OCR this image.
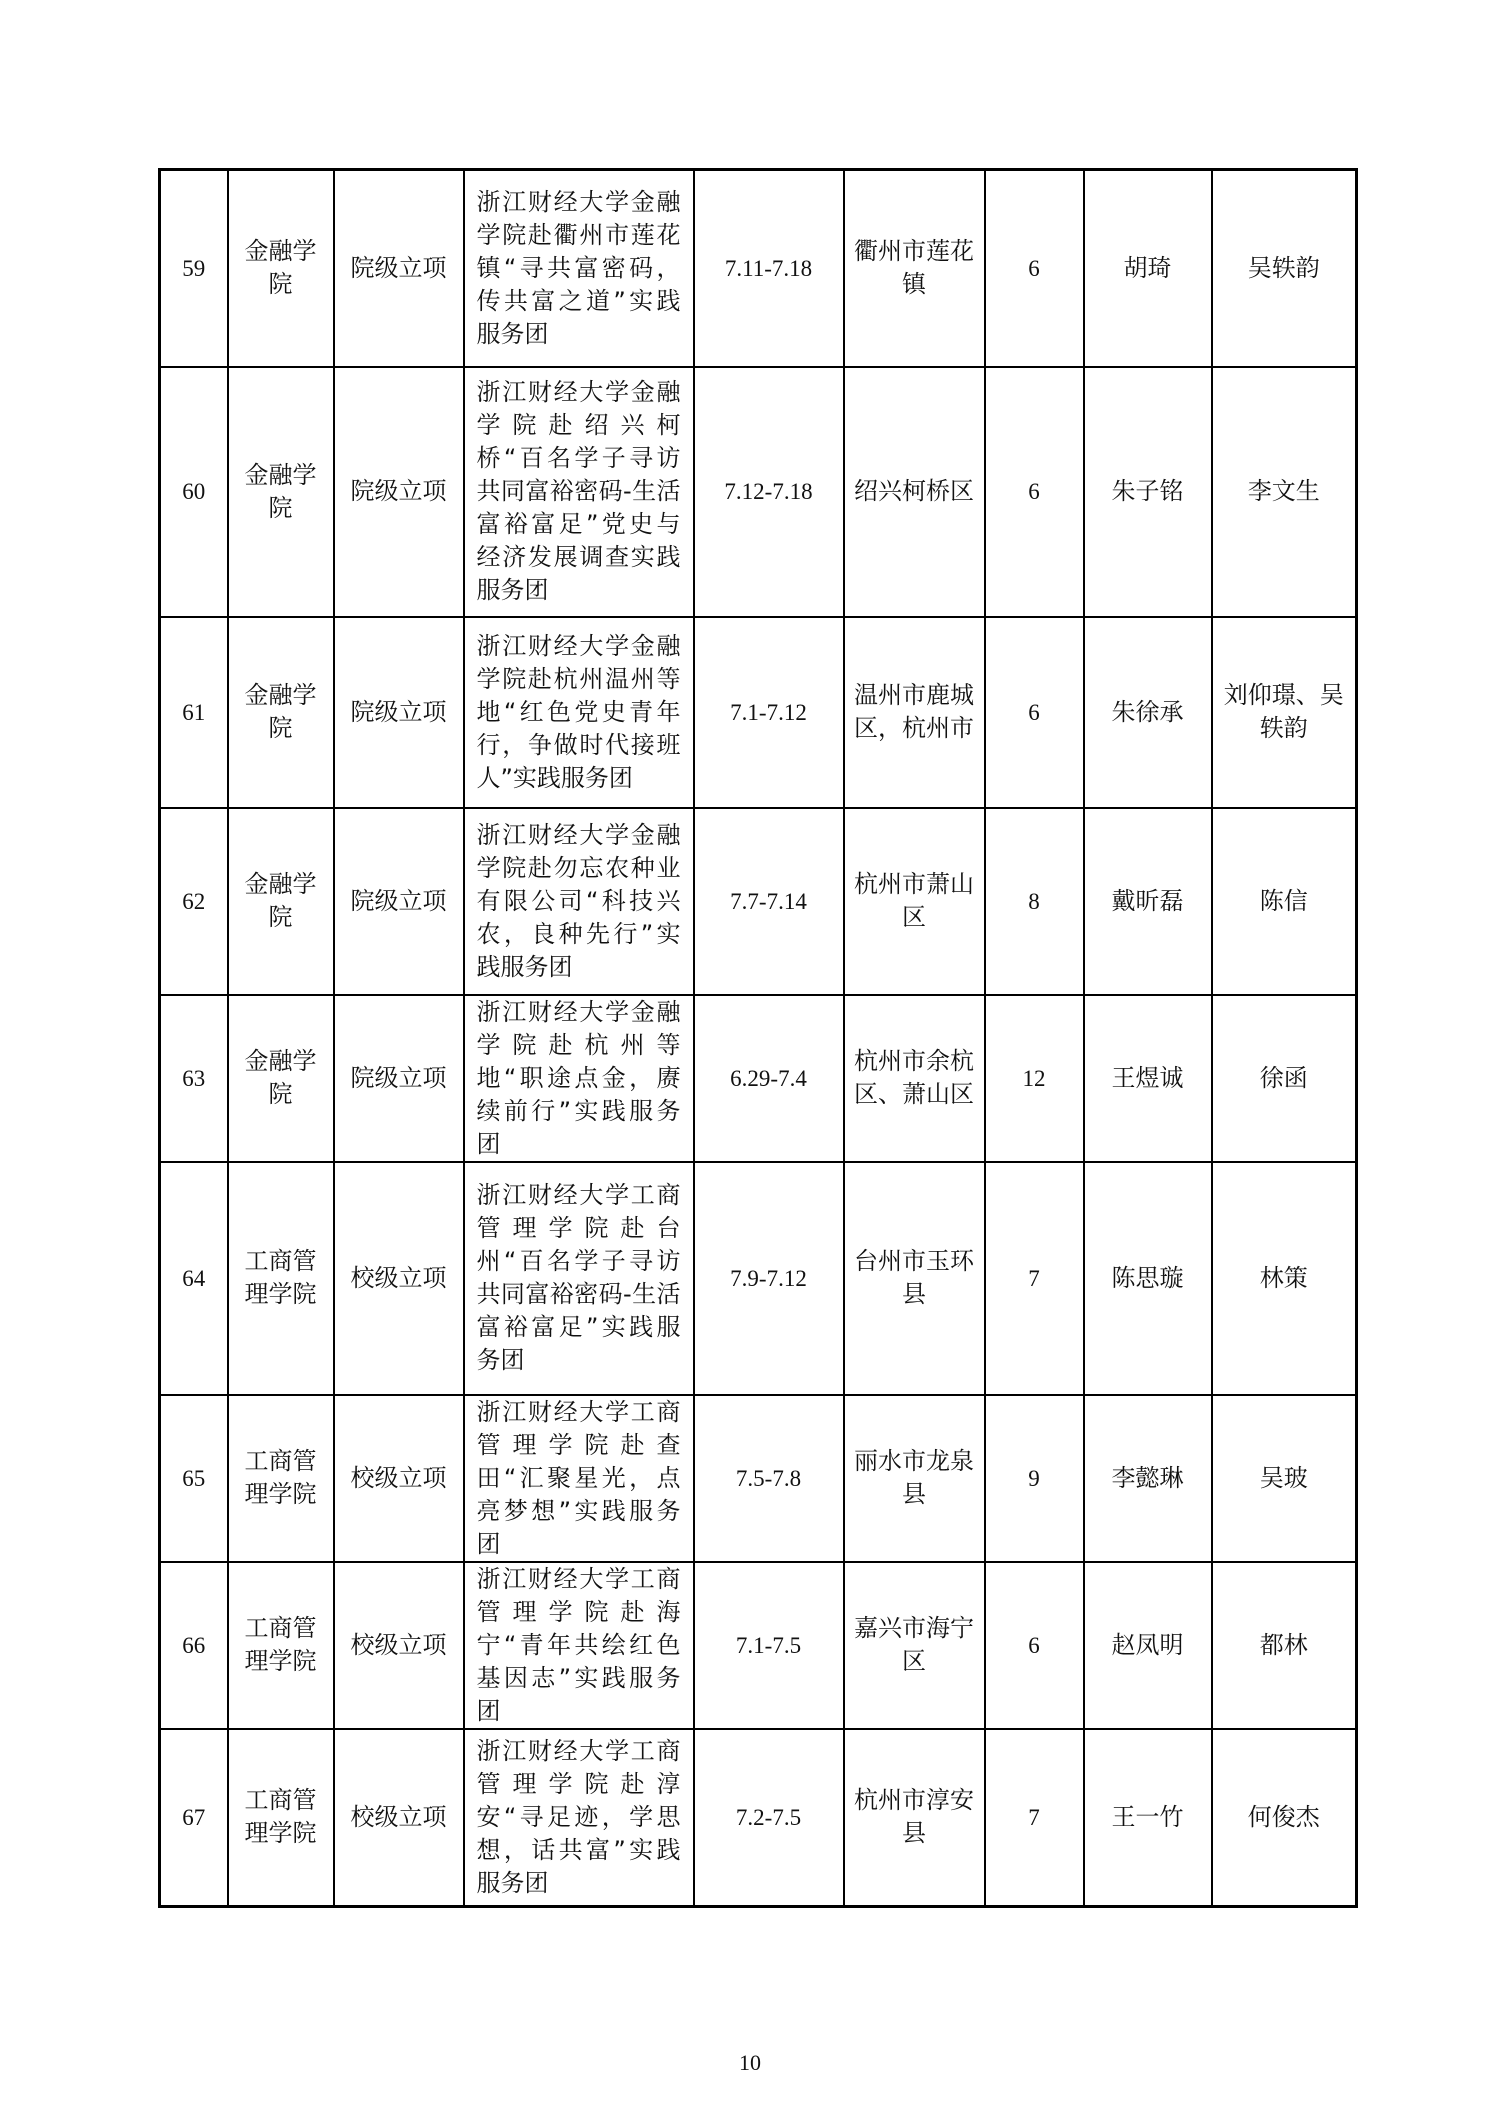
59	金融学院	院级立项	浙江财经大学金融学院赴衢州市莲花镇“寻共富密码，传共富之道”实践服务团	7.11-7.18	衢州市莲花镇	6	胡琦	吴轶韵
60	金融学院	院级立项	浙江财经大学金融学院赴绍兴柯桥“百名学子寻访共同富裕密码-生活富裕富足”党史与经济发展调查实践服务团	7.12-7.18	绍兴柯桥区	6	朱子铭	李文生
61	金融学院	院级立项	浙江财经大学金融学院赴杭州温州等地“红色党史青年行，争做时代接班人”实践服务团	7.1-7.12	温州市鹿城区，杭州市	6	朱徐承	刘仰璟、吴轶韵
62	金融学院	院级立项	浙江财经大学金融学院赴勿忘农种业有限公司“科技兴农，良种先行”实践服务团	7.7-7.14	杭州市萧山区	8	戴昕磊	陈信
63	金融学院	院级立项	浙江财经大学金融学院赴杭州等地“职途点金，赓续前行”实践服务团	6.29-7.4	杭州市余杭区、萧山区	12	王煜诚	徐函
64	工商管理学院	校级立项	浙江财经大学工商管理学院赴台州“百名学子寻访共同富裕密码-生活富裕富足”实践服务团	7.9-7.12	台州市玉环县	7	陈思璇	林策
65	工商管理学院	校级立项	浙江财经大学工商管理学院赴查田“汇聚星光，点亮梦想”实践服务团	7.5-7.8	丽水市龙泉县	9	李懿琳	吴玻
66	工商管理学院	校级立项	浙江财经大学工商管理学院赴海宁“青年共绘红色基因志”实践服务团	7.1-7.5	嘉兴市海宁区	6	赵凤明	都林
67	工商管理学院	校级立项	浙江财经大学工商管理学院赴淳安“寻足迹，学思想，话共富”实践服务团	7.2-7.5	杭州市淳安县	7	王一竹	何俊杰
10
